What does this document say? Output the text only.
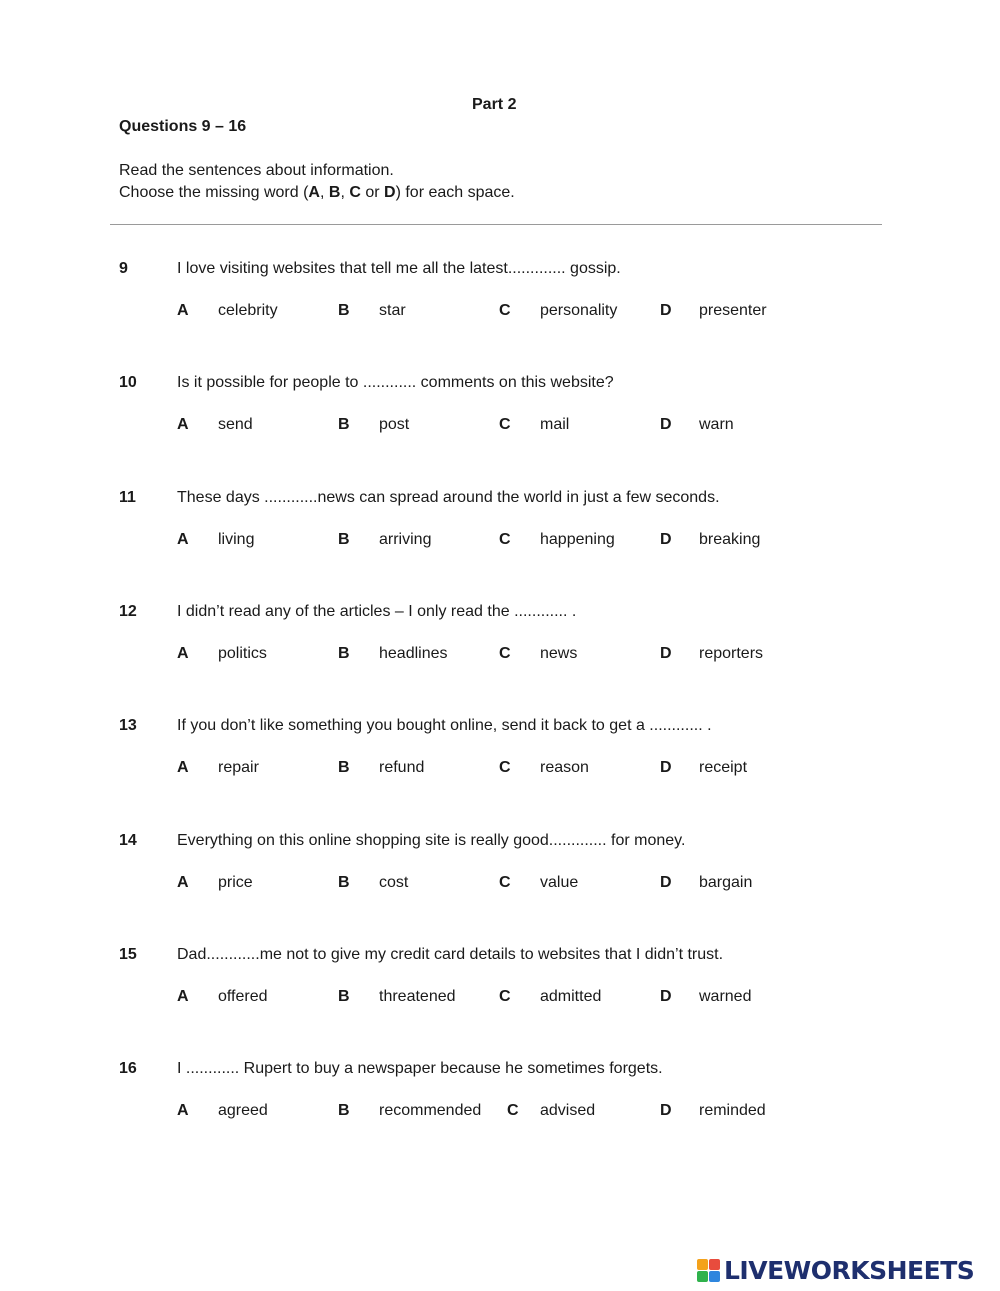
Part 2
Questions 9 – 16
Read the sentences about information.
Choose the missing word (A, B, C or D) for each space.
9	I love visiting websites that tell me all the latest............. gossip.
A celebrity	B star	C personality	D presenter
10	Is it possible for people to ............ comments on this website?
A send	B post	C mail	D warn
11	These days ............news can spread around the world in just a few seconds.
A living	B arriving	C happening	D breaking
12	I didn’t read any of the articles – I only read the ............ .
A politics	B headlines	C news	D reporters
13	If you don’t like something you bought online, send it back to get a ............ .
A repair	B refund	C reason	D receipt
14	Everything on this online shopping site is really good............. for money.
A price	B cost	C value	D bargain
15	Dad............me not to give my credit card details to websites that I didn’t trust.
A offered	B threatened	C admitted	D warned
16	I ............ Rupert to buy a newspaper because he sometimes forgets.
A agreed	B recommended C advised	D reminded
LIVEWORKSHEETS
